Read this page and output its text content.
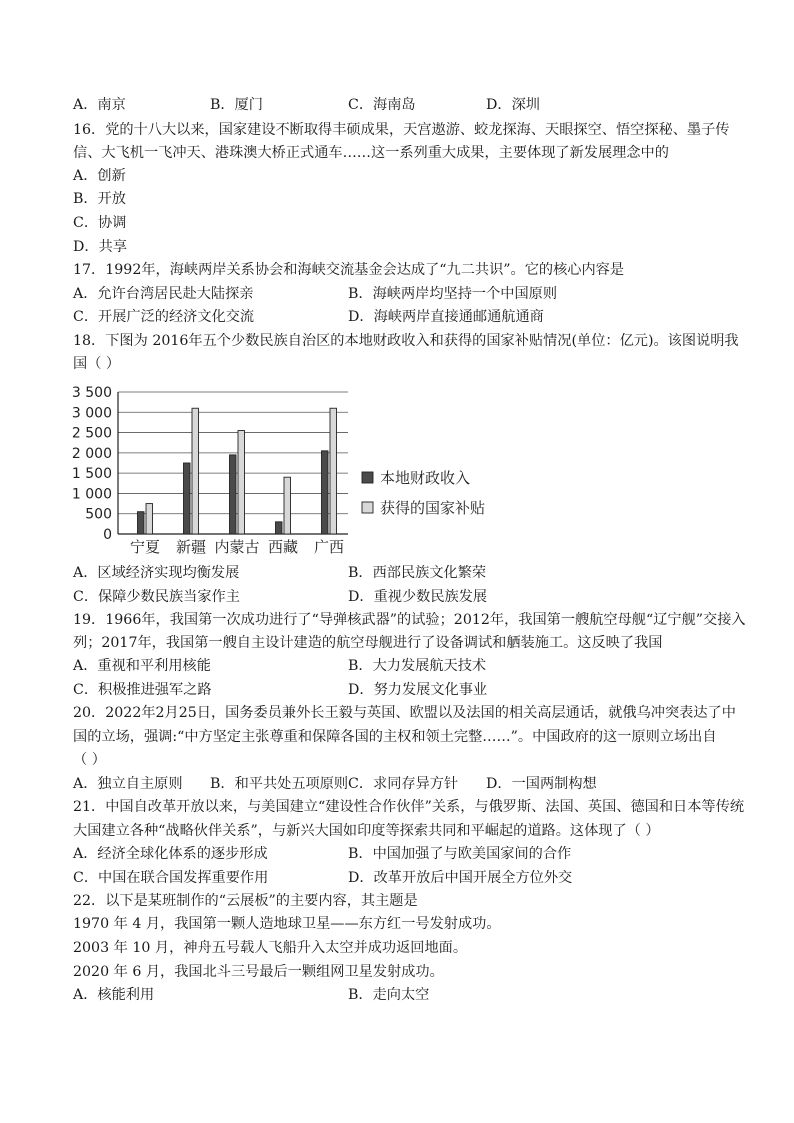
A．南京	B．厦门	C．海南岛	D．深圳
16．党的十八大以来，国家建设不断取得丰硕成果，天宫遨游、蛟龙探海、天眼探空、悟空探秘、墨子传
信、大飞机一飞冲天、港珠澳大桥正式通车……这一系列重大成果，主要体现了新发展理念中的
A．创新
B．开放
C．协调
D．共享
17．1992年，海峡两岸关系协会和海峡交流基金会达成了“九二共识”。它的核心内容是
A．允许台湾居民赴大陆探亲	B．海峡两岸均坚持一个中国原则
C．开展广泛的经济文化交流	D．海峡两岸直接通邮通航通商
18．下图为 2016年五个少数民族自治区的本地财政收入和获得的国家补贴情况(单位：亿元)。该图说明我
国（ ）
0
500
1 000
1 500
2 000
2 500
3 000
3 500
宁夏 新疆 内蒙古 西藏 广西
本地财政收入
获得的国家补贴
A．区域经济实现均衡发展	B．西部民族文化繁荣
C．保障少数民族当家作主	D．重视少数民族发展
19．1966年，我国第一次成功进行了“导弹核武器”的试验；2012年，我国第一艘航空母舰“辽宁舰”交接入
列；2017年，我国第一艘自主设计建造的航空母舰进行了设备调试和舾装施工。这反映了我国
A．重视和平利用核能	B．大力发展航天技术
C．积极推进强军之路	D．努力发展文化事业
20．2022年2月25日，国务委员兼外长王毅与英国、欧盟以及法国的相关高层通话，就俄乌冲突表达了中
国的立场，强调:“中方坚定主张尊重和保障各国的主权和领土完整……”。中国政府的这一原则立场出自
（ ）
A．独立自主原则 B．和平共处五项原则 C．求同存异方针 D．一国两制构想
21．中国自改革开放以来，与美国建立“建设性合作伙伴”关系，与俄罗斯、法国、英国、德国和日本等传统
大国建立各种“战略伙伴关系”，与新兴大国如印度等探索共同和平崛起的道路。这体现了（ ）
A．经济全球化体系的逐步形成	B．中国加强了与欧美国家间的合作
C．中国在联合国发挥重要作用	D．改革开放后中国开展全方位外交
22．以下是某班制作的“云展板”的主要内容，其主题是
1970 年 4 月，我国第一颗人造地球卫星——东方红一号发射成功。
2003 年 10 月，神舟五号载人飞船升入太空并成功返回地面。
2020 年 6 月，我国北斗三号最后一颗组网卫星发射成功。
A．核能利用	B．走向太空
